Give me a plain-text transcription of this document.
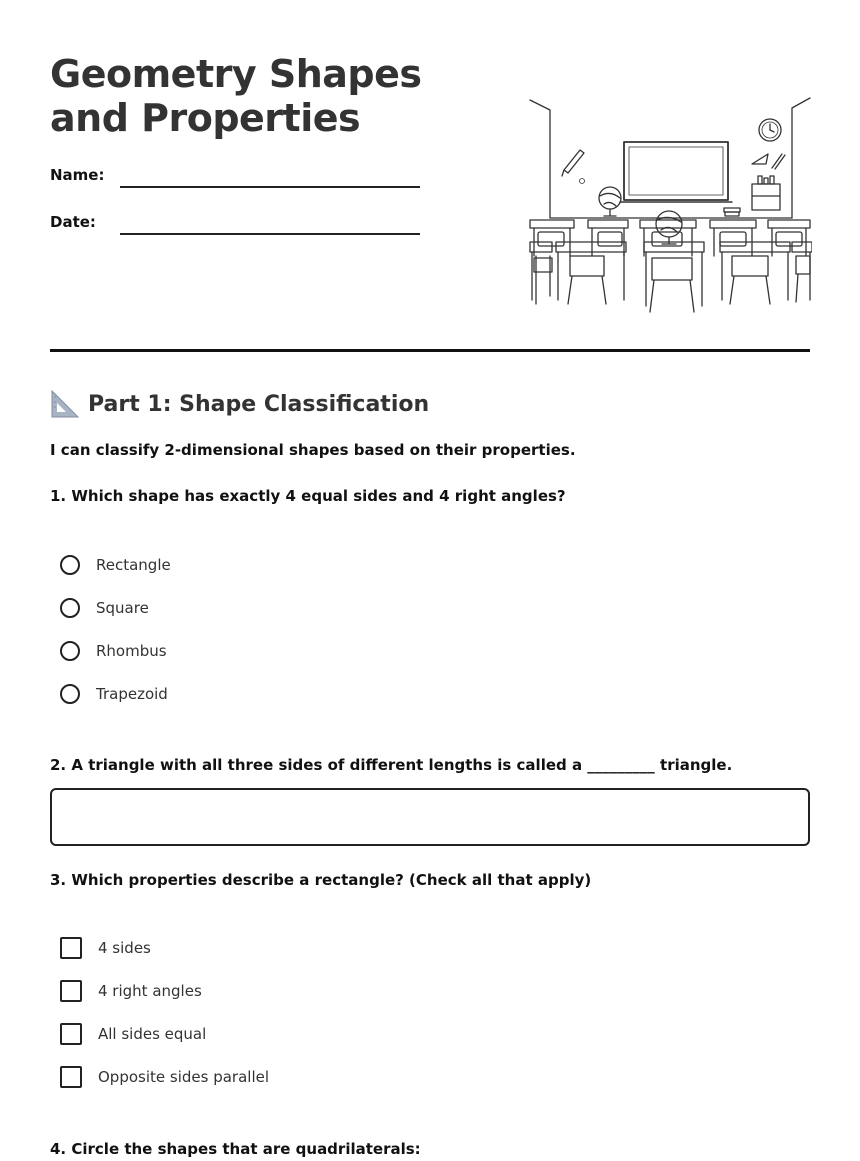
Geometry Shapes and Properties
Name:
Date:
Part 1: Shape Classification
I can classify 2-dimensional shapes based on their properties.
1. Which shape has exactly 4 equal sides and 4 right angles?
Rectangle
Square
Rhombus
Trapezoid
2. A triangle with all three sides of different lengths is called a _________ triangle.
3. Which properties describe a rectangle? (Check all that apply)
4 sides
4 right angles
All sides equal
Opposite sides parallel
4. Circle the shapes that are quadrilaterals:
